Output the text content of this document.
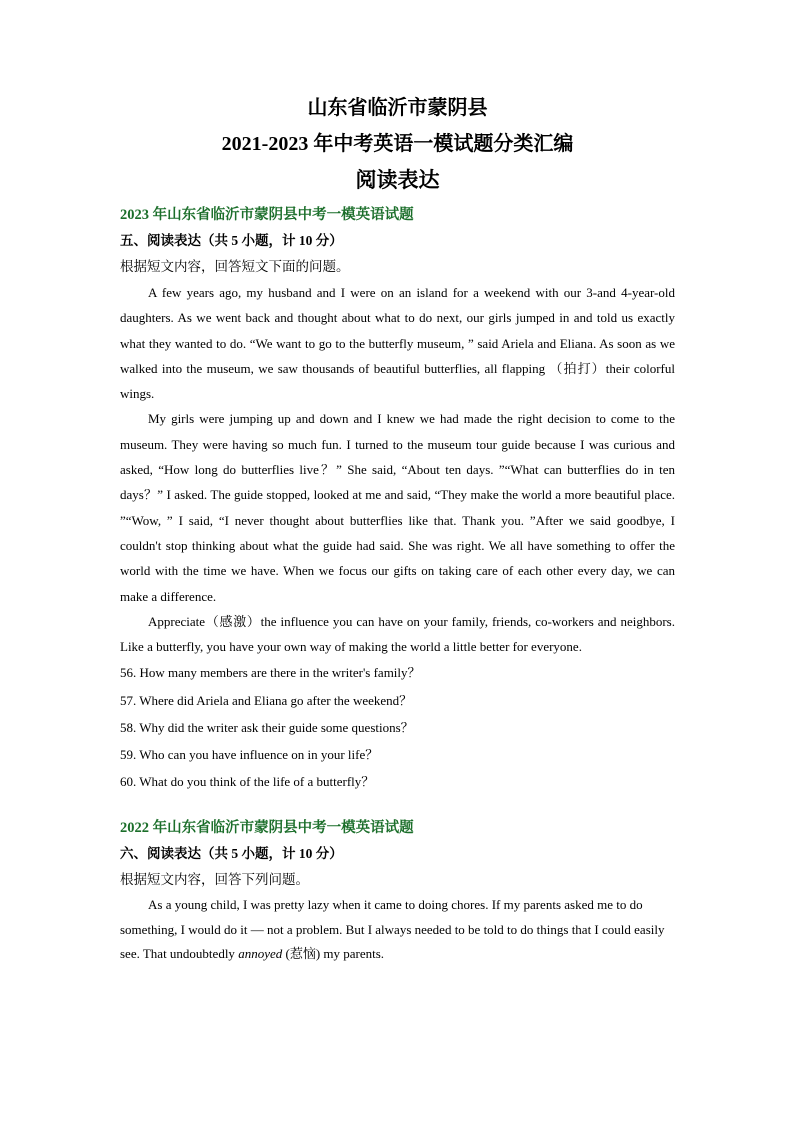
山东省临沂市蒙阴县

2021-2023 年中考英语一模试题分类汇编

阅读表达

2023 年山东省临沂市蒙阴县中考一模英语试题

五、阅读表达（共 5 小题，计 10 分）

根据短文内容，回答短文下面的问题。

A few years ago, my husband and I were on an island for a weekend with our 3-and 4-year-old daughters. As we went back and thought about what to do next, our girls jumped in and told us exactly what they wanted to do. “We want to go to the butterfly museum, ” said Ariela and Eliana. As soon as we walked into the museum, we saw thousands of beautiful butterflies, all flapping （拍打）their colorful wings.

My girls were jumping up and down and I knew we had made the right decision to come to the museum. They were having so much fun. I turned to the museum tour guide because I was curious and asked, “How long do butterflies live？” She said, “About ten days. ”“What can butterflies do in ten days？” I asked. The guide stopped, looked at me and said, “They make the world a more beautiful place. ”“Wow, ” I said, “I never thought about butterflies like that. Thank you. ”After we said goodbye, I couldn't stop thinking about what the guide had said. She was right. We all have something to offer the world with the time we have. When we focus our gifts on taking care of each other every day, we can make a difference.

Appreciate（感激）the influence you can have on your family, friends, co-workers and neighbors. Like a butterfly, you have your own way of making the world a little better for everyone.

56. How many members are there in the writer's family？

57. Where did Ariela and Eliana go after the weekend？

58. Why did the writer ask their guide some questions？

59. Who can you have influence on in your life？

60. What do you think of the life of a butterfly？

2022 年山东省临沂市蒙阴县中考一模英语试题

六、阅读表达（共 5 小题，计 10 分）

根据短文内容，回答下列问题。

As a young child, I was pretty lazy when it came to doing chores. If my parents asked me to do something, I would do it — not a problem. But I always needed to be told to do things that I could easily see. That undoubtedly annoyed (惹恼) my parents.
